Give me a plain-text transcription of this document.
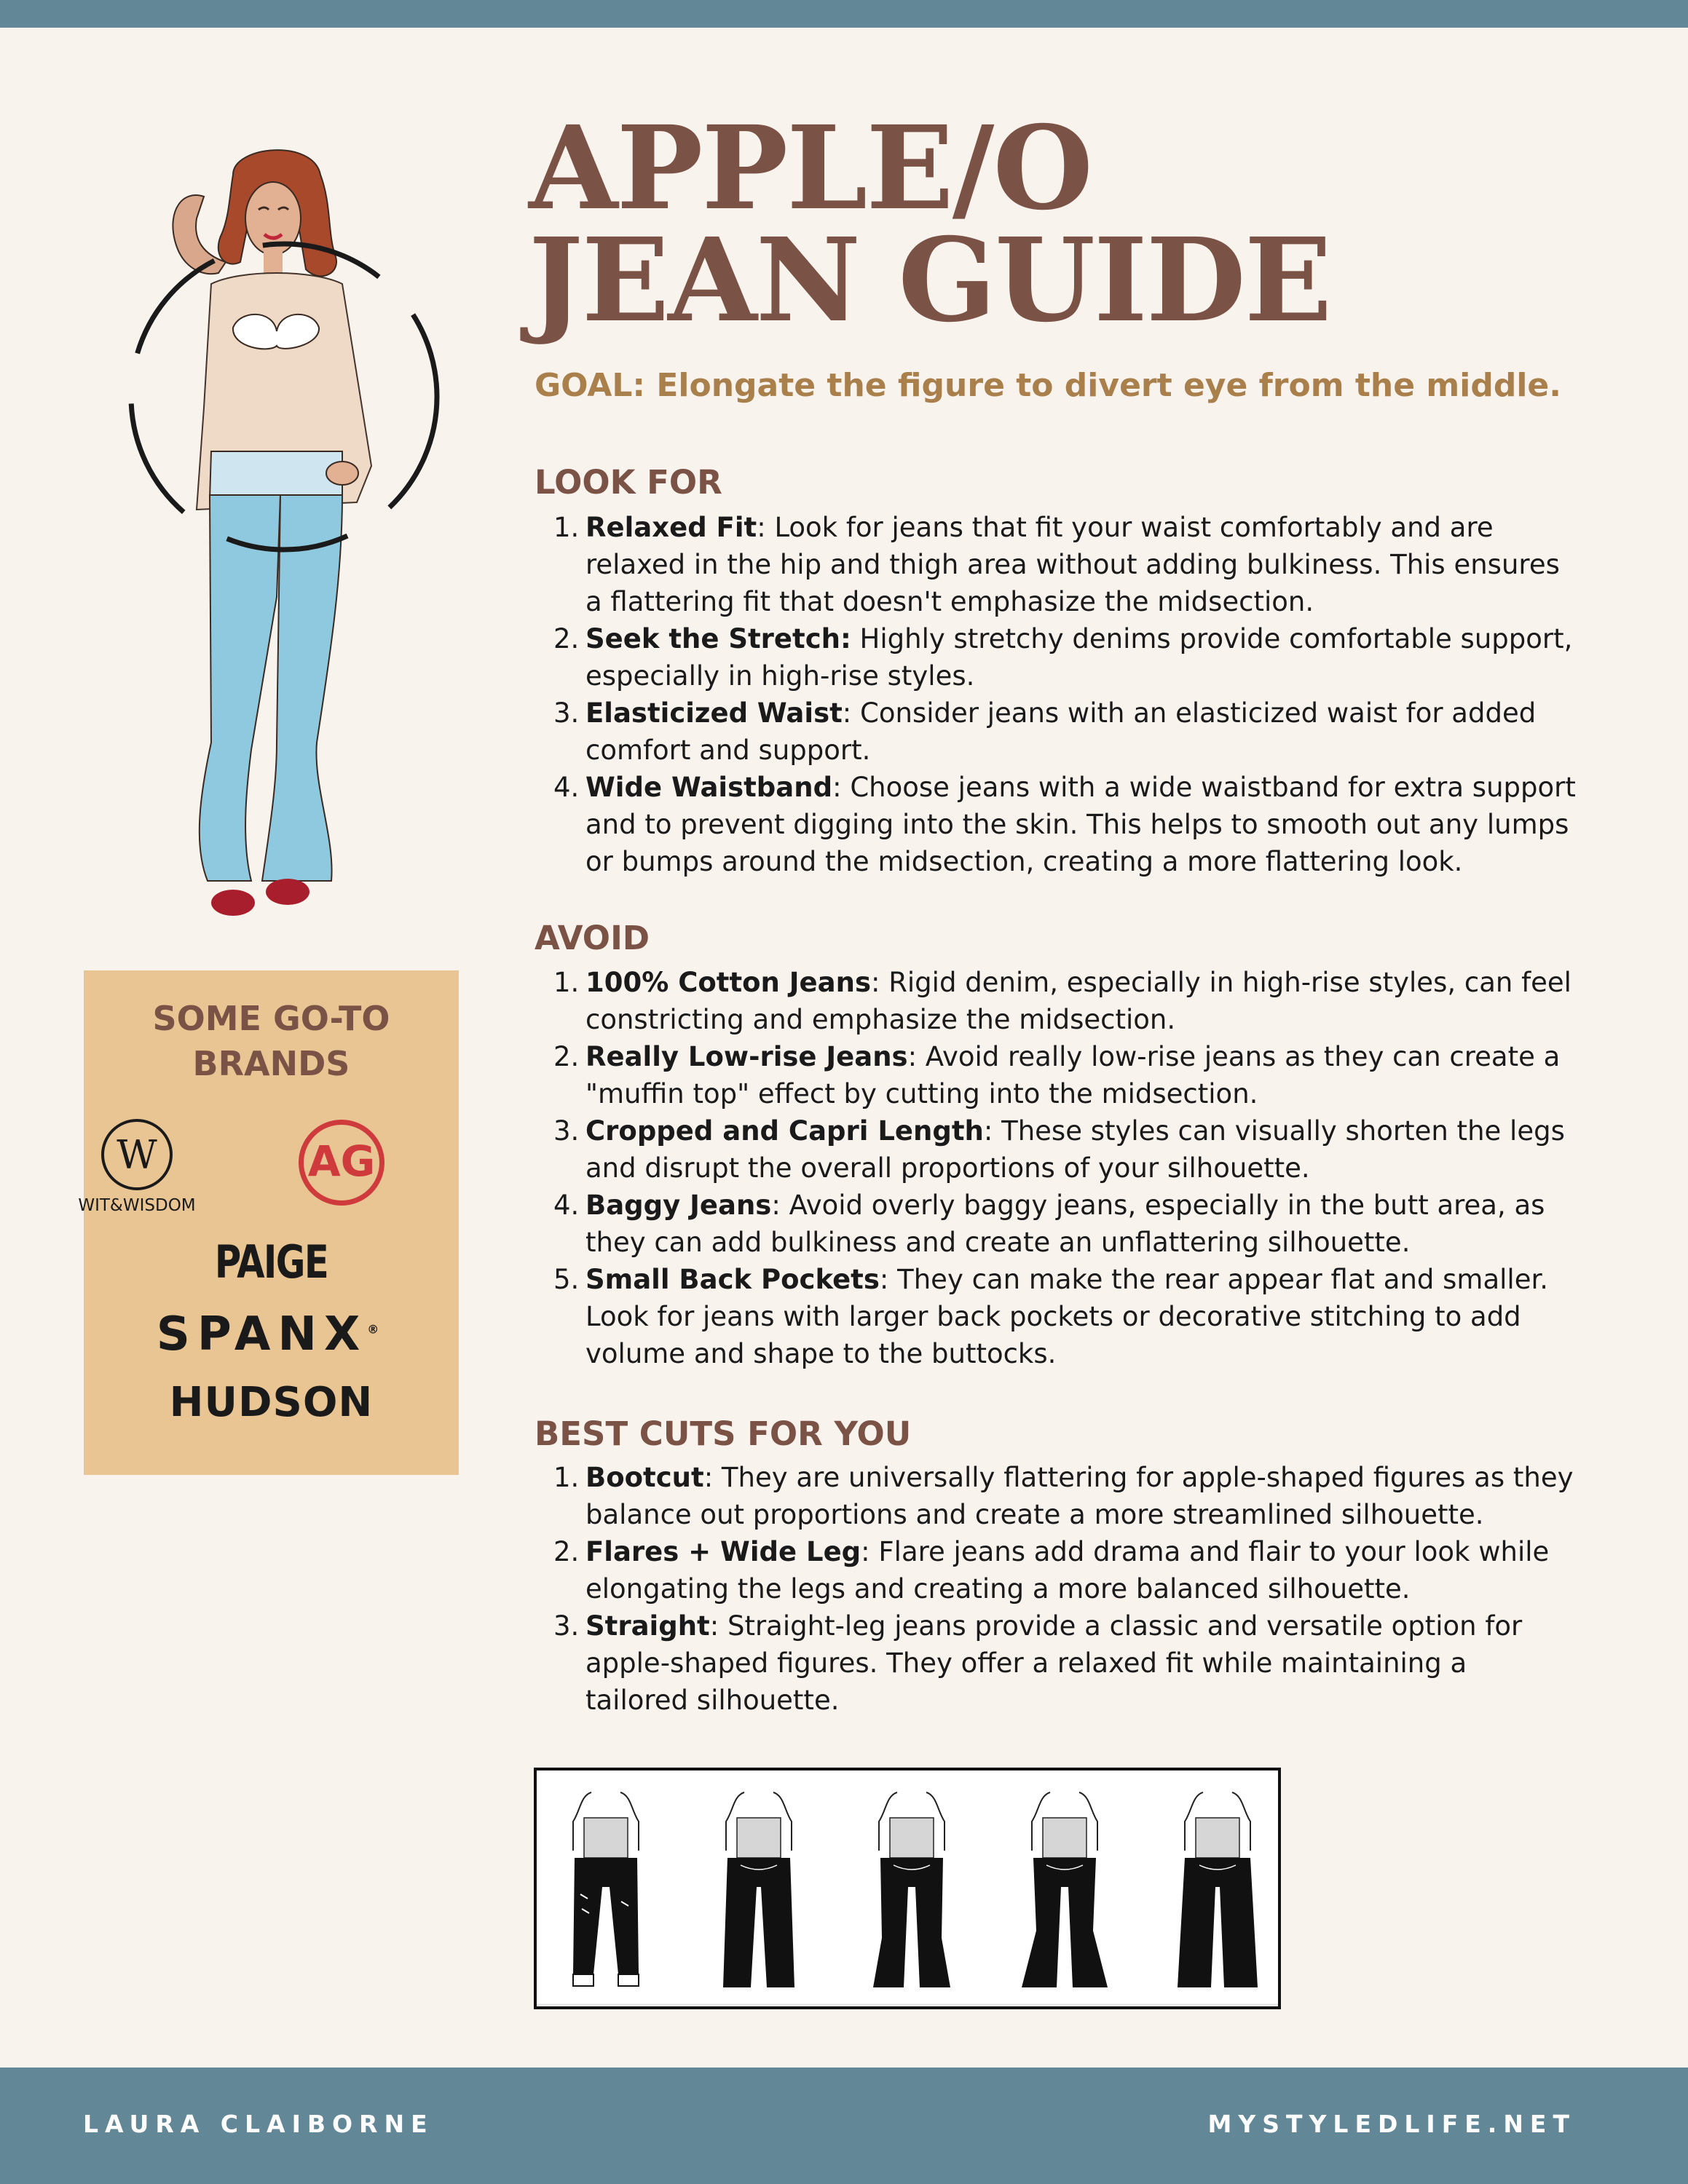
APPLE/O
JEAN GUIDE
GOAL: Elongate the figure to divert eye from the middle.
LOOK FOR
1. Relaxed Fit: Look for jeans that fit your waist comfortably and are relaxed in the hip and thigh area without adding bulkiness. This ensures a flattering fit that doesn't emphasize the midsection.
2. Seek the Stretch: Highly stretchy denims provide comfortable support, especially in high-rise styles.
3. Elasticized Waist: Consider jeans with an elasticized waist for added comfort and support.
4. Wide Waistband: Choose jeans with a wide waistband for extra support and to prevent digging into the skin. This helps to smooth out any lumps or bumps around the midsection, creating a more flattering look.
AVOID
1. 100% Cotton Jeans: Rigid denim, especially in high-rise styles, can feel constricting and emphasize the midsection.
2. Really Low-rise Jeans: Avoid really low-rise jeans as they can create a "muffin top" effect by cutting into the midsection.
3. Cropped and Capri Length: These styles can visually shorten the legs and disrupt the overall proportions of your silhouette.
4. Baggy Jeans: Avoid overly baggy jeans, especially in the butt area, as they can add bulkiness and create an unflattering silhouette.
5. Small Back Pockets: They can make the rear appear flat and smaller. Look for jeans with larger back pockets or decorative stitching to add volume and shape to the buttocks.
BEST CUTS FOR YOU
1. Bootcut: They are universally flattering for apple-shaped figures as they balance out proportions and create a more streamlined silhouette.
2. Flares + Wide Leg: Flare jeans add drama and flair to your look while elongating the legs and creating a more balanced silhouette.
3. Straight: Straight-leg jeans provide a classic and versatile option for apple-shaped figures. They offer a relaxed fit while maintaining a tailored silhouette.
SOME GO-TO
BRANDS
W
WIT&WISDOM
AG
PAIGE
SPANX®
HUDSON
LAURA CLAIBORNE	MYSTYLEDLIFE.NET
